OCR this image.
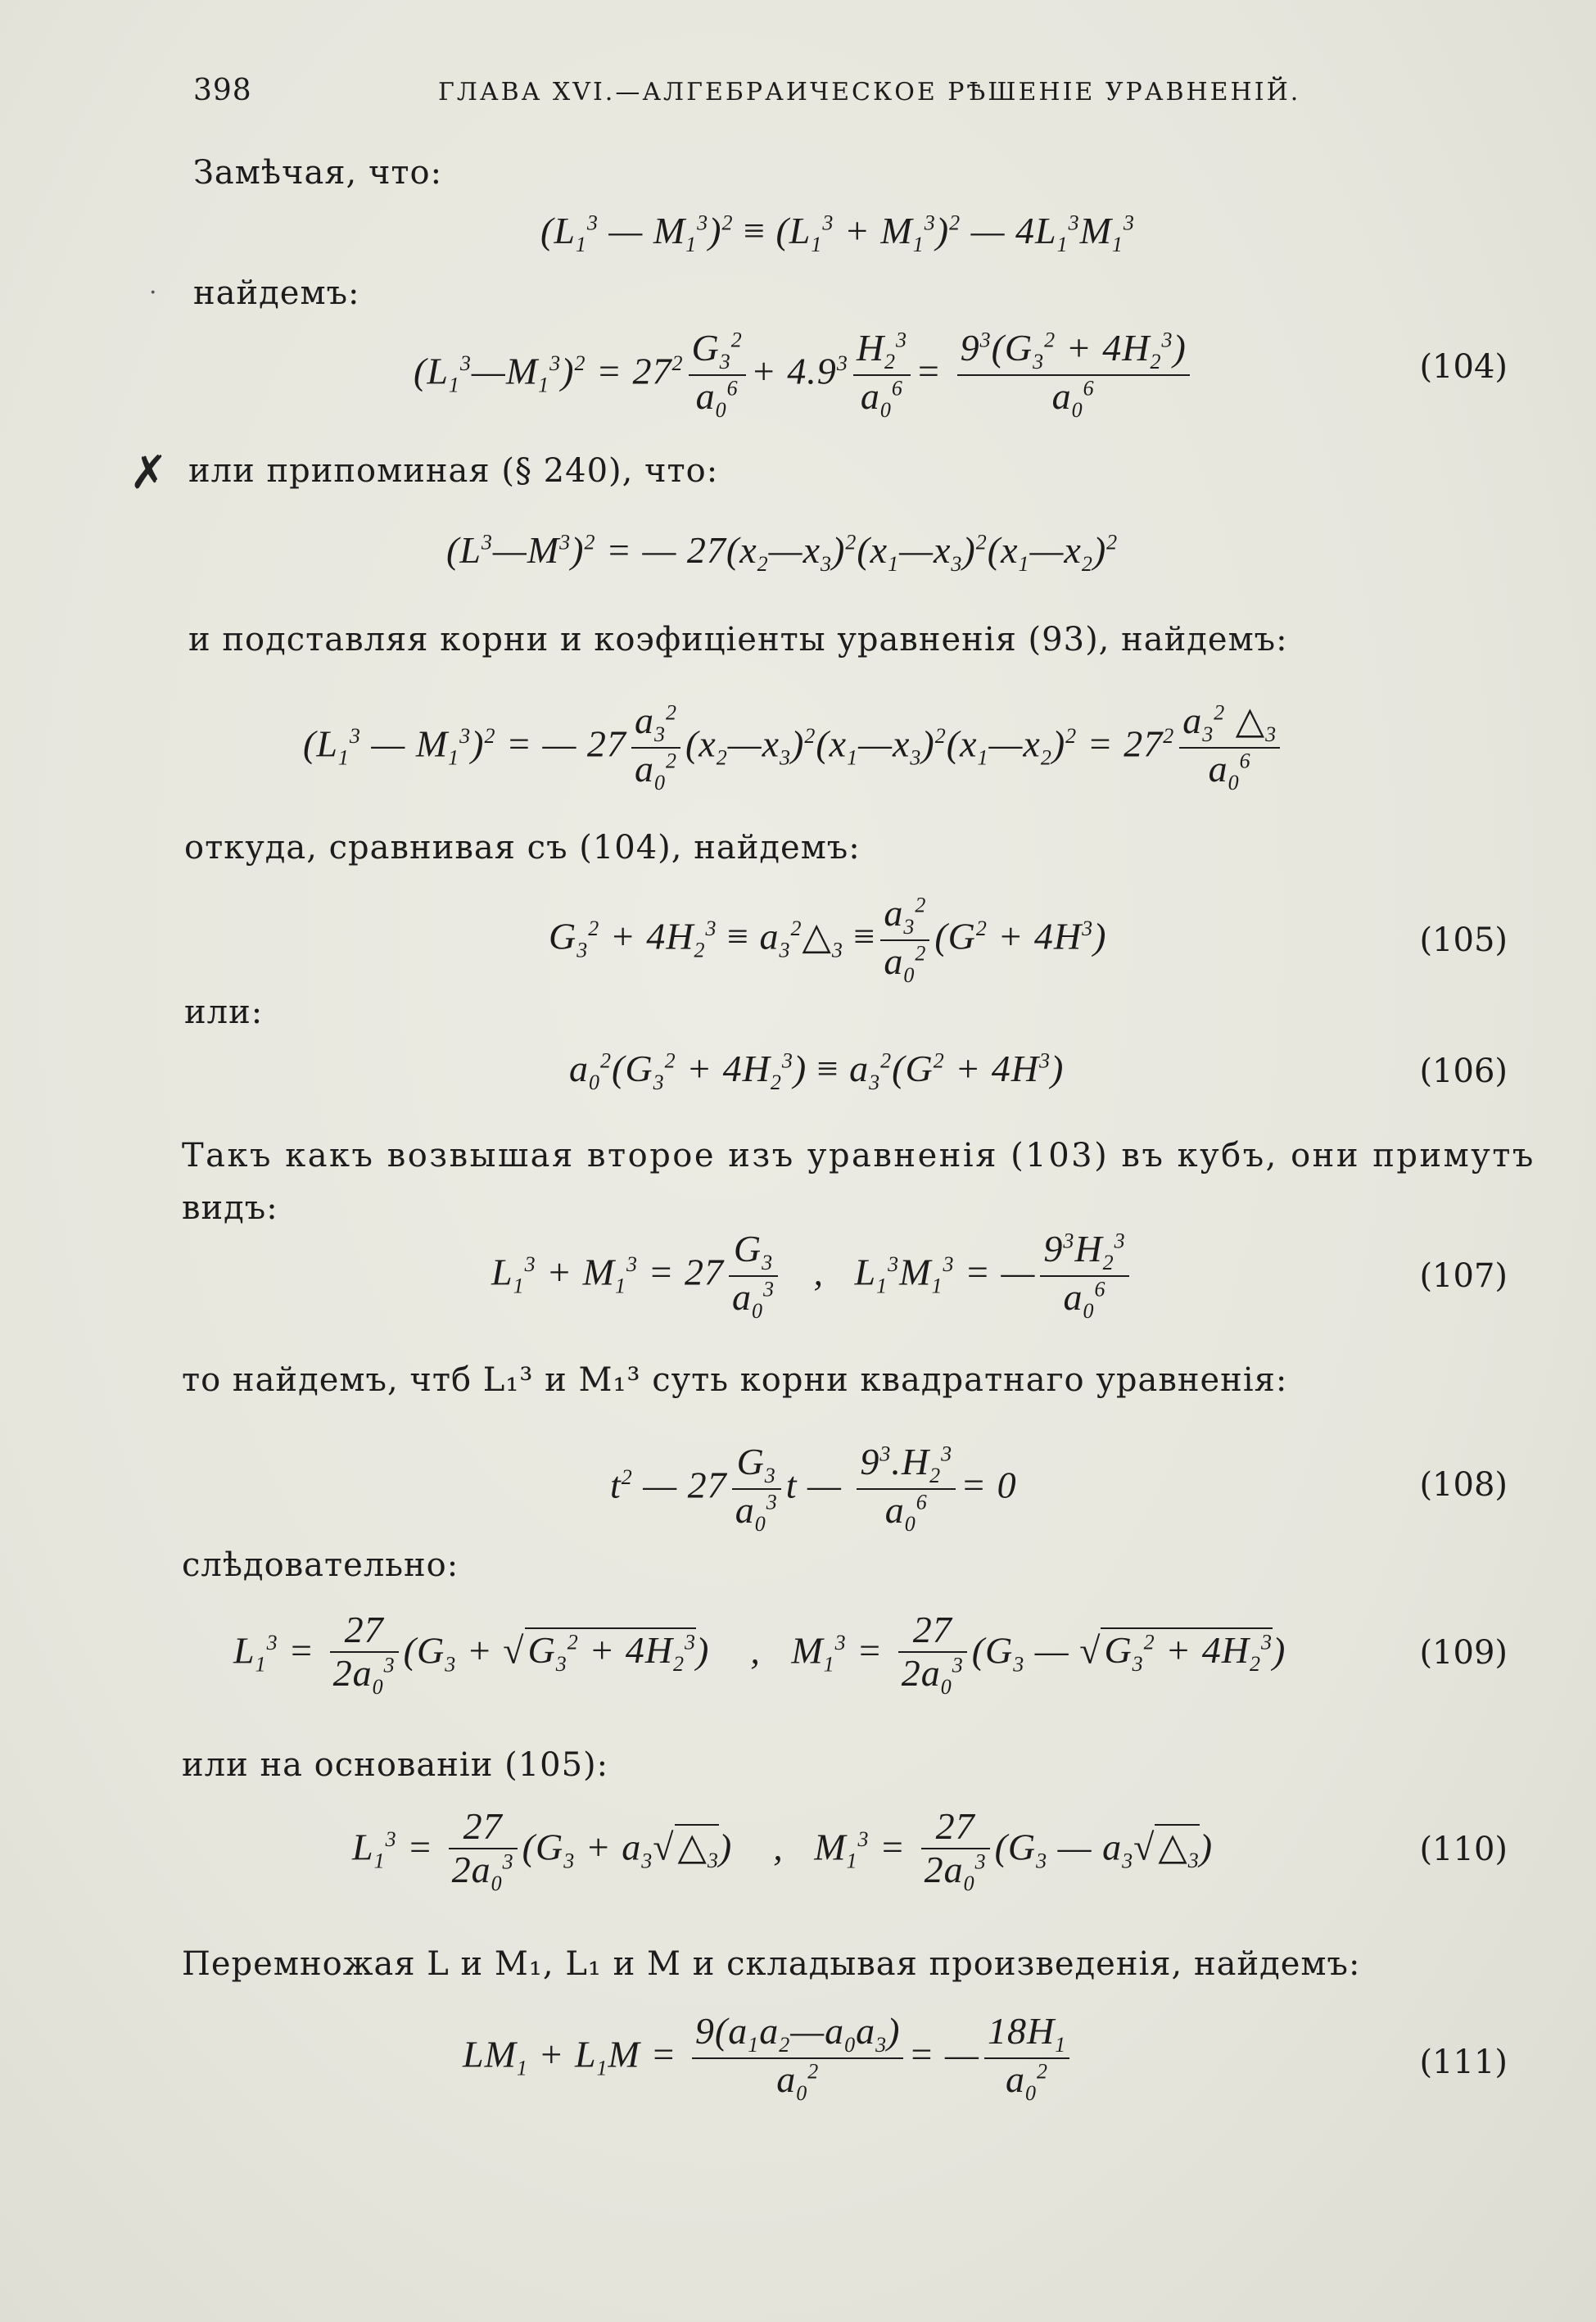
398	ГЛАВА XVI.—АЛГЕБРАИЧЕСКОЕ РѢШЕНІЕ УРАВНЕНІЙ.
Замѣчая, что:
($L_1^3$ — $M_1^3)^2 \equiv (L_1^3 + M_1^3)^2$ — $4L_1^3M_1^3$
· найдемъ:
$(L_1^3—M_1^3)^2 = 27^2 \frac{G_3^2}{a_0^6} + 4.9^3 \frac{H_2^3}{a_0^6} = \frac{9^3(G_3^2 + 4H_2^3)}{a_0^6}$	(104)
✗ или припоминая (§ 240), что:
$(L^3—M^3)^2$ = — $27(x_2—x_3)^2(x_1—x_3)^2(x_1—x_2)^2$
и подставляя корни и коэфиціенты уравненія (93), найдемъ:
($L_1^3$ — $M_1^3)^2$ = — $27 \frac{a_3^2}{a_0^2}$ $(x_2—x_3)^2(x_1—x_3)^2(x_1—x_2)^2 = 27^2 \frac{a_3^2 \triangle_3}{a_0^6}$
откуда, сравнивая съ (104), найдемъ:
$G_3^2 + 4H_2^3$ ≡ $a_3^2\triangle_3 \equiv \frac{a_3^2}{a_0^2} (G^2 + 4H^3)$	(105)
или:
$a_0^2(G_3^2 + 4H_2^3) \equiv a_3^2(G^2 + 4H^3)$	(106)
Такъ какъ возвышая второе изъ уравненія (103) въ кубъ, они примутъ
видъ:
$L_1^3 + M_1^3 = 27 \frac{G_3}{a_0^3}$ ,   $L_1^3M_1^3$ = — $\frac{9^3H_2^3}{a_0^6}$	(107)
то найдемъ, чтб L₁³ и M₁³ суть корни квадратнаго уравненія:
$t^2$ — $27 \frac{G_3}{a_0^3}$ t — $\frac{9^3.H_2^3}{a_0^6} = 0$	(108)
слѣдовательно:
$L_1^3 = \frac{27}{2a_0^3} (G_3 + √G_3^2 + 4H_2^3)$    ,   $M_1^3 = \frac{27}{2a_0^3} (G_3$ — $√G_3^2 + 4H_2^3$)	(109)
или на основаніи (105):
$L_1^3 = \frac{27}{2a_0^3} (G_3$ + $a_3√\triangle_3$)    ,   $M_1^3 = \frac{27}{2a_0^3} (G_3$ — $a_3√\triangle_3$)	(110)
Перемножая L и M₁, L₁ и M и складывая произведенія, найдемъ:
$LM_1 + L_1M = \frac{9(a_1a_2—a_0a_3)}{a_0^2}$ = — $\frac{18H_1}{a_0^2}$	(111)
